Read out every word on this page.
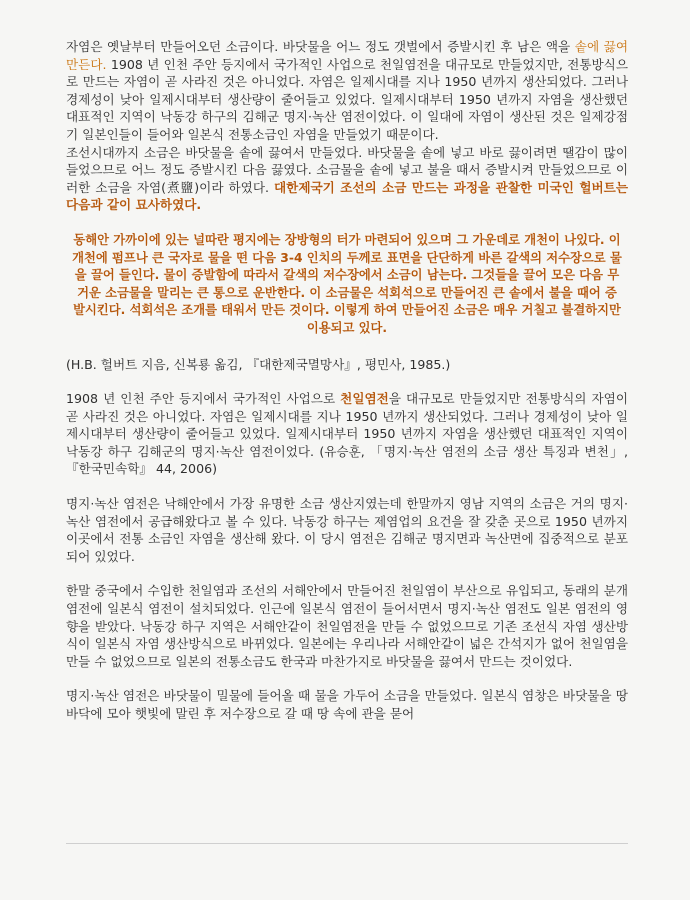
자염은 옛날부터 만들어오던 소금이다. 바닷물을 어느 정도 갯벌에서 증발시킨 후 남은 액을 솥에 끓여 만든다. 1908 년 인천 주안 등지에서 국가적인 사업으로 천일염전을 대규모로 만들었지만, 전통방식으로 만드는 자염이 곧 사라진 것은 아니었다. 자염은 일제시대를 지나 1950 년까지 생산되었다. 그러나 경제성이 낮아 일제시대부터 생산량이 줄어들고 있었다. 일제시대부터 1950 년까지 자염을 생산했던 대표적인 지역이 낙동강 하구의 김해군 명지·녹산 염전이었다. 이 일대에 자염이 생산된 것은 일제강점기 일본인들이 들어와 일본식 전통소금인 자염을 만들었기 때문이다.

조선시대까지 소금은 바닷물을 솥에 끓여서 만들었다. 바닷물을 솥에 넣고 바로 끓이려면 땔감이 많이 들었으므로 어느 정도 증발시킨 다음 끓였다. 소금물을 솥에 넣고 불을 때서 증발시켜 만들었으므로 이러한 소금을 자염(煮鹽)이라 하였다. 대한제국기 조선의 소금 만드는 과정을 관찰한 미국인 헐버트는 다음과 같이 묘사하였다.

동해안 가까이에 있는 널따란 평지에는 장방형의 터가 마련되어 있으며 그 가운데로 개천이 나있다. 이 개천에 펌프나 큰 국자로 물을 떤 다음 3-4 인치의 두께로 표면을 단단하게 바른 갈색의 저수장으로 물을 끌어 들인다. 물이 증발함에 따라서 갈색의 저수장에서 소금이 남는다. 그것들을 끌어 모은 다음 무거운 소금물을 말리는 큰 통으로 운반한다. 이 소금물은 석회석으로 만들어진 큰 솥에서 불을 때어 증발시킨다. 석회석은 조개를 태워서 만든 것이다. 이렇게 하여 만들어진 소금은 매우 거칠고 불결하지만 이용되고 있다.

(H.B. 헐버트 지음, 신복룡 옮김, 『대한제국멸망사』, 평민사, 1985.)

1908 년 인천 주안 등지에서 국가적인 사업으로 천일염전을 대규모로 만들었지만 전통방식의 자염이 곧 사라진 것은 아니었다. 자염은 일제시대를 지나 1950 년까지 생산되었다. 그러나 경제성이 낮아 일제시대부터 생산량이 줄어들고 있었다. 일제시대부터 1950 년까지 자염을 생산했던 대표적인 지역이 낙동강 하구 김해군의 명지·녹산 염전이었다. (유승훈, 「명지·녹산 염전의 소금 생산 특징과 변천」, 『한국민속학』 44, 2006)

명지·녹산 염전은 낙해안에서 가장 유명한 소금 생산지였는데 한말까지 영남 지역의 소금은 거의 명지·녹산 염전에서 공급해왔다고 볼 수 있다. 낙동강 하구는 제염업의 요건을 잘 갖춘 곳으로 1950 년까지 이곳에서 전통 소금인 자염을 생산해 왔다. 이 당시 염전은 김해군 명지면과 녹산면에 집중적으로 분포되어 있었다.

한말 중국에서 수입한 천일염과 조선의 서해안에서 만들어진 천일염이 부산으로 유입되고, 동래의 분개염전에 일본식 염전이 설치되었다. 인근에 일본식 염전이 들어서면서 명지·녹산 염전도 일본 염전의 영향을 받았다. 낙동강 하구 지역은 서해안같이 천일염전을 만들 수 없었으므로 기존 조선식 자염 생산방식이 일본식 자염 생산방식으로 바뀌었다. 일본에는 우리나라 서해안같이 넓은 간석지가 없어 천일염을 만들 수 없었으므로 일본의 전통소금도 한국과 마찬가지로 바닷물을 끓여서 만드는 것이었다.

명지·녹산 염전은 바닷물이 밀물에 들어올 때 물을 가두어 소금을 만들었다. 일본식 염창은 바닷물을 땅바닥에 모아 햇빛에 말린 후 저수장으로 갈 때 땅 속에 관을 묻어
